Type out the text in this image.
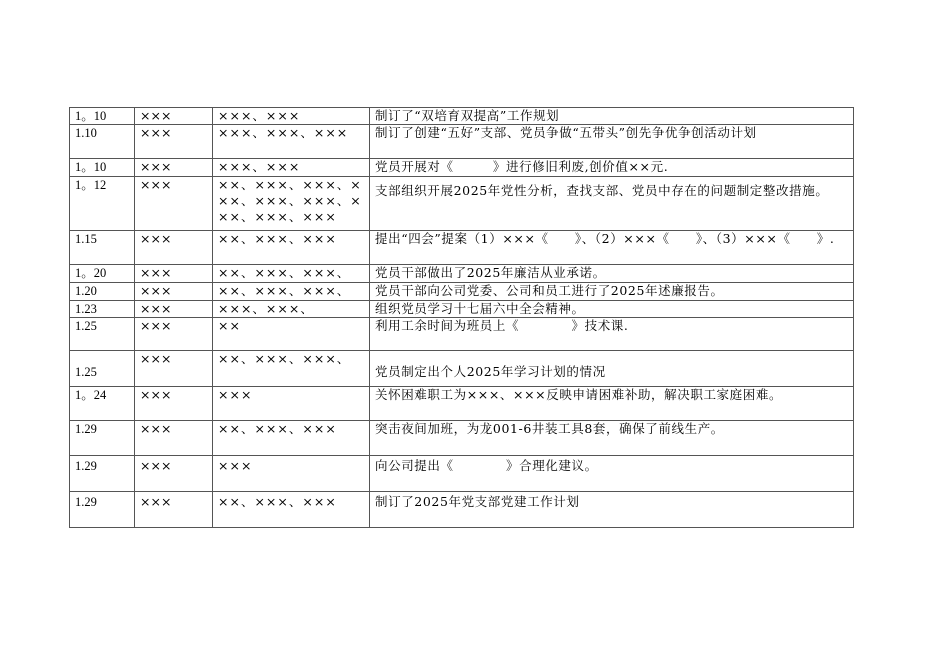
1。10	×××	×××、×××	制订了“双培育双提高”工作规划
1.10	×××	×××、×××、×××	制订了创建“五好”支部、党员争做“五带头”创先争优争创活动计划
1。10	×××	×××、×××	党员开展对《　　　》进行修旧利废,创价值××元.
1。12	×××	××、×××、×××、×××、×××、×××、×××、×××、×××	支部组织开展2025年党性分析，查找支部、党员中存在的问题制定整改措施。
1.15	×××	××、×××、×××	提出“四会”提案（1）×××《　　》、（2）×××《　　》、（3）×××《　　》.
1。20	×××	××、×××、×××、	党员干部做出了2025年廉洁从业承诺。
1.20	×××	××、×××、×××、	党员干部向公司党委、公司和员工进行了2025年述廉报告。
1.23	×××	×××、×××、	组织党员学习十七届六中全会精神。
1.25	×××	××	利用工余时间为班员上《　　　　》技术课.
1.25	×××	××、×××、×××、	党员制定出个人2025年学习计划的情况
1。24	×××	×××	关怀困难职工为×××、×××反映申请困难补助，解决职工家庭困难。
1.29	×××	××、×××、×××	突击夜间加班，为龙001-6井装工具8套，确保了前线生产。
1.29	×××	×××	向公司提出《　　　　》合理化建议。
1.29	×××	××、×××、×××	制订了2025年党支部党建工作计划
